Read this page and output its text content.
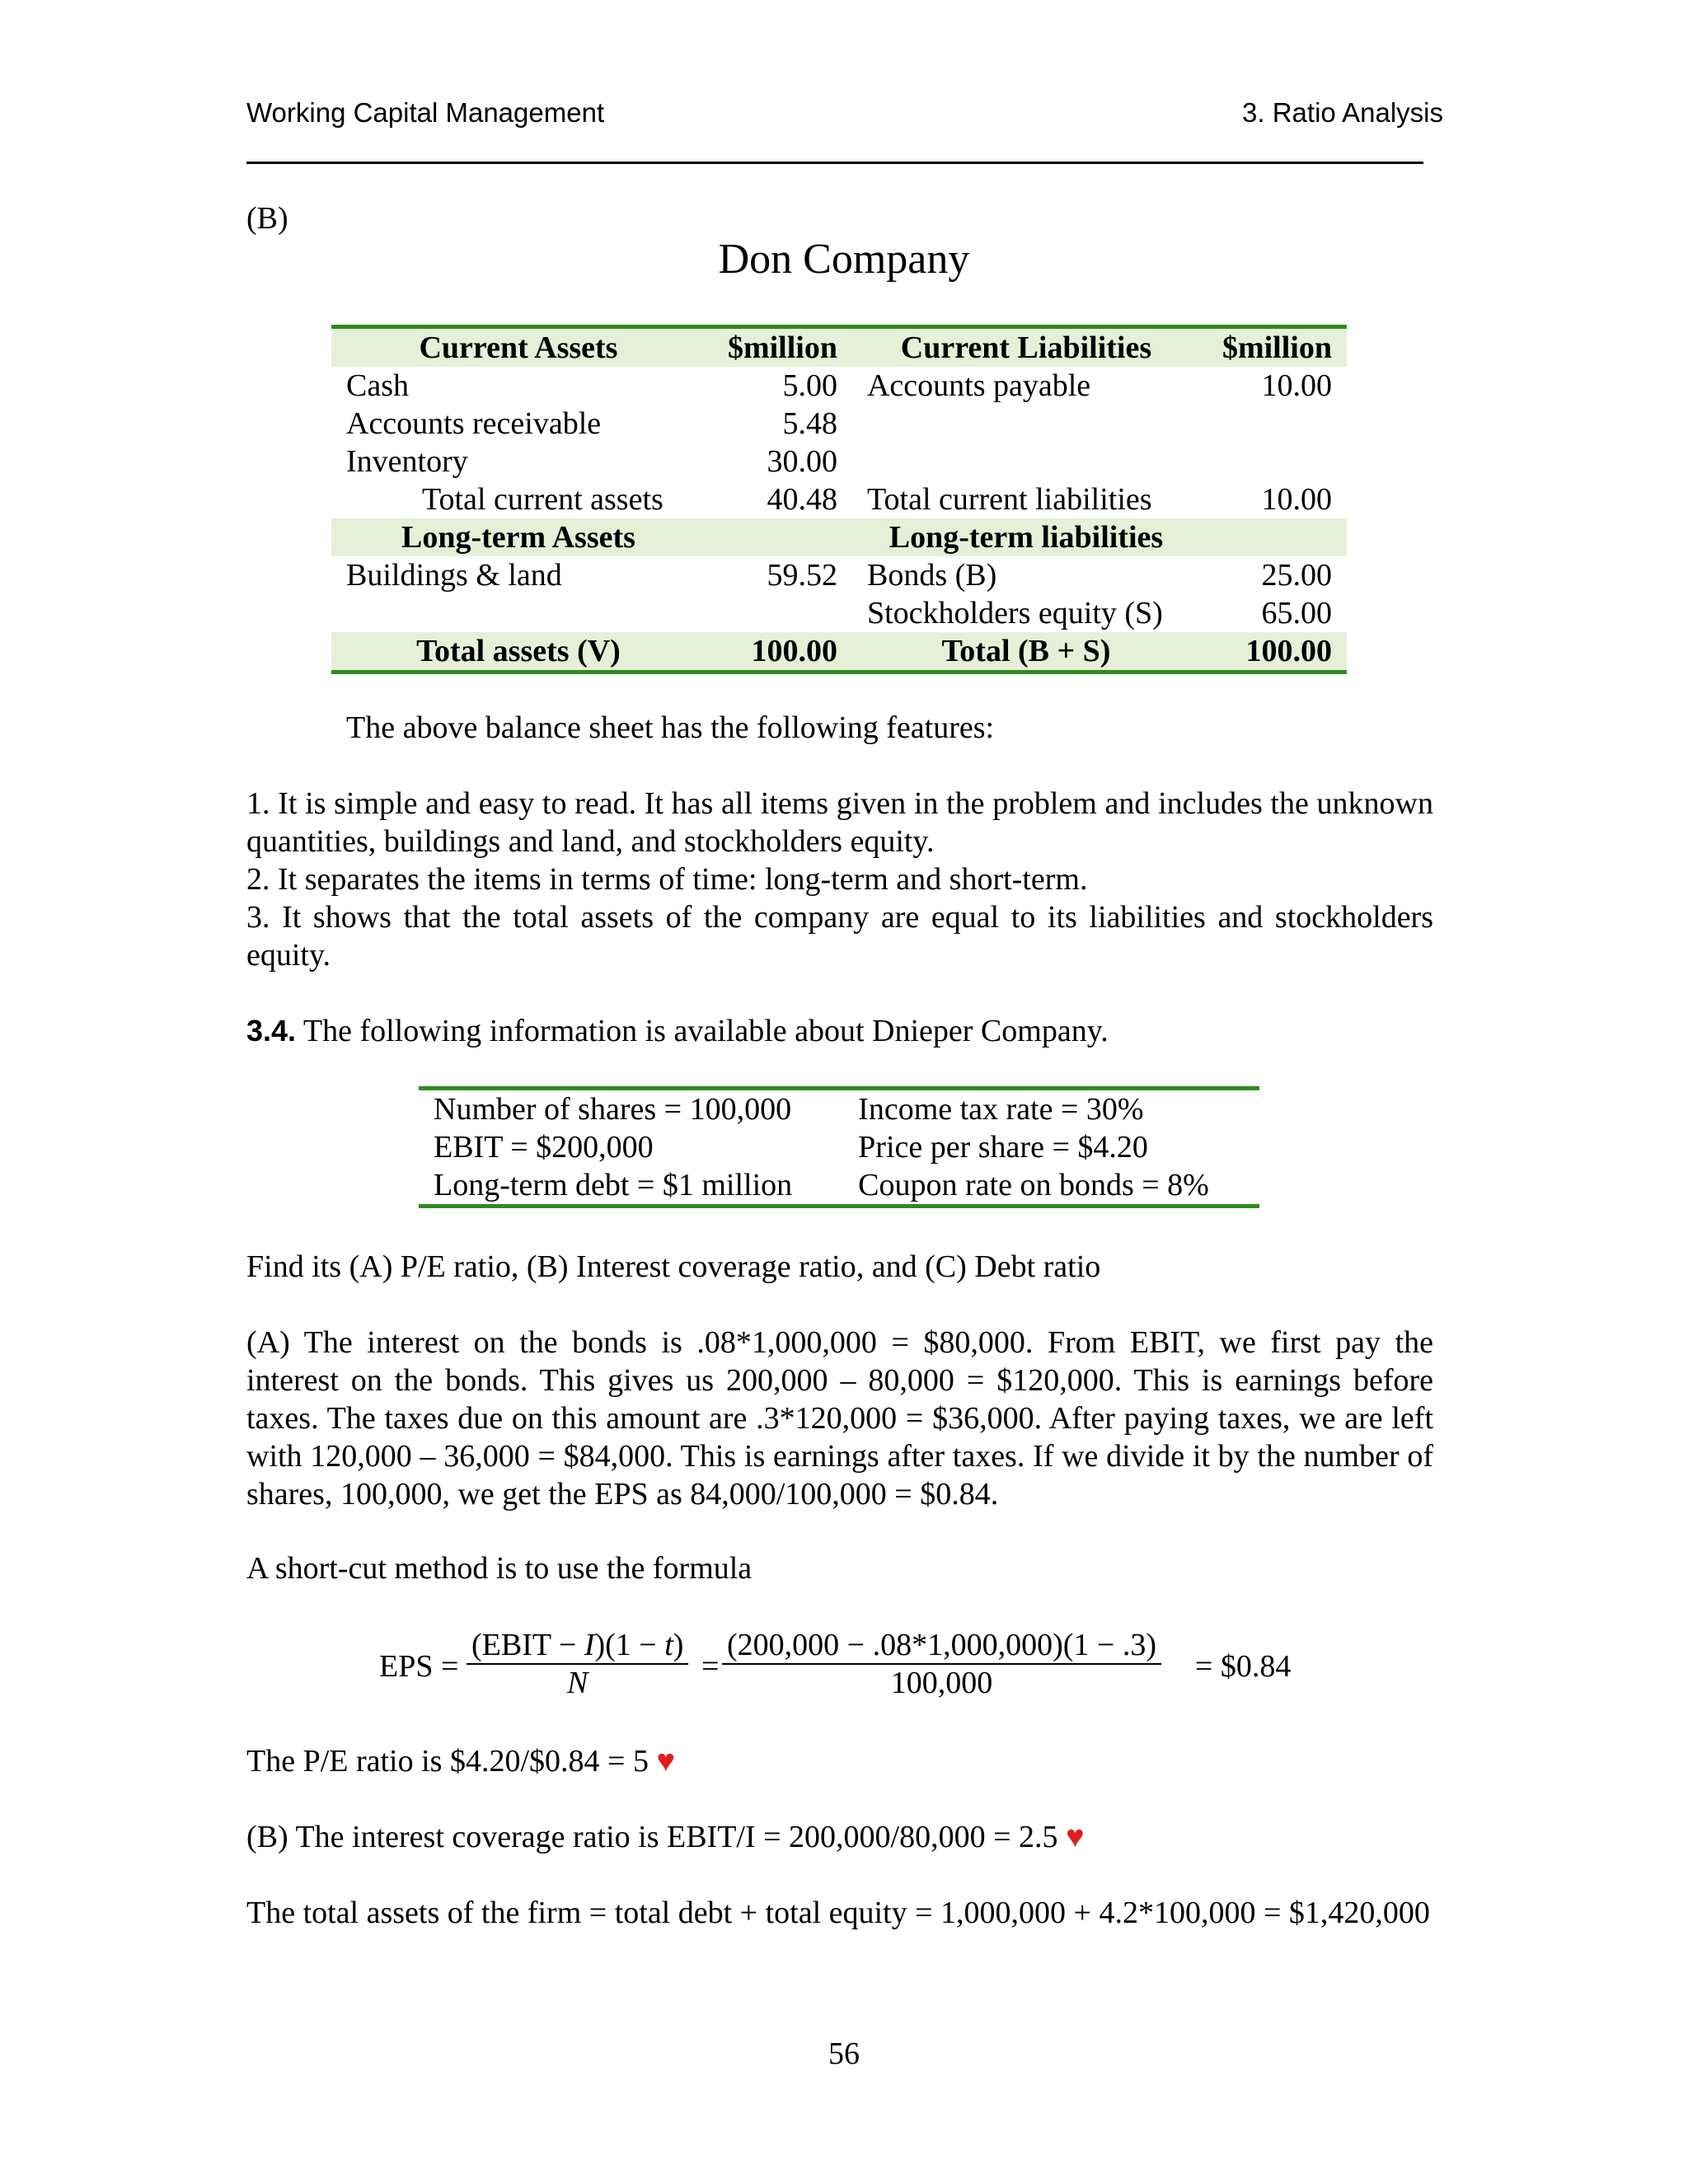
Working Capital Management	3. Ratio Analysis
(B)
Don Company
Current Assets	$million	Current Liabilities	$million
Cash	5.00	Accounts payable	10.00
Accounts receivable	5.48		
Inventory	30.00		
Total current assets	40.48	Total current liabilities	10.00
Long-term Assets		Long-term liabilities	
Buildings & land	59.52	Bonds (B)	25.00
		Stockholders equity (S)	65.00
Total assets (V)	100.00	Total (B + S)	100.00
The above balance sheet has the following features:
1. It is simple and easy to read. It has all items given in the problem and includes the unknown quantities, buildings and land, and stockholders equity.
2. It separates the items in terms of time: long-term and short-term.
3. It shows that the total assets of the company are equal to its liabilities and stockholders equity.
3.4. The following information is available about Dnieper Company.
Number of shares = 100,000	Income tax rate = 30%
EBIT = $200,000	Price per share = $4.20
Long-term debt = $1 million	Coupon rate on bonds = 8%
Find its (A) P/E ratio, (B) Interest coverage ratio, and (C) Debt ratio
(A) The interest on the bonds is .08*1,000,000 = $80,000. From EBIT, we first pay the interest on the bonds. This gives us 200,000 – 80,000 = $120,000. This is earnings before taxes. The taxes due on this amount are .3*120,000 = $36,000. After paying taxes, we are left with 120,000 – 36,000 = $84,000. This is earnings after taxes. If we divide it by the number of shares, 100,000, we get the EPS as 84,000/100,000 = $0.84.
A short-cut method is to use the formula
EPS =
(EBIT − I)(1 − t)
N	= $\frac{(200,000 - .08*1,000,000)(1 - .3)}{100,000}$ = $0.84
The P/E ratio is $4.20/$0.84 = 5 ♥
(B) The interest coverage ratio is EBIT/I = 200,000/80,000 = 2.5 ♥
The total assets of the firm = total debt + total equity = 1,000,000 + 4.2*100,000 = $1,420,000
56
